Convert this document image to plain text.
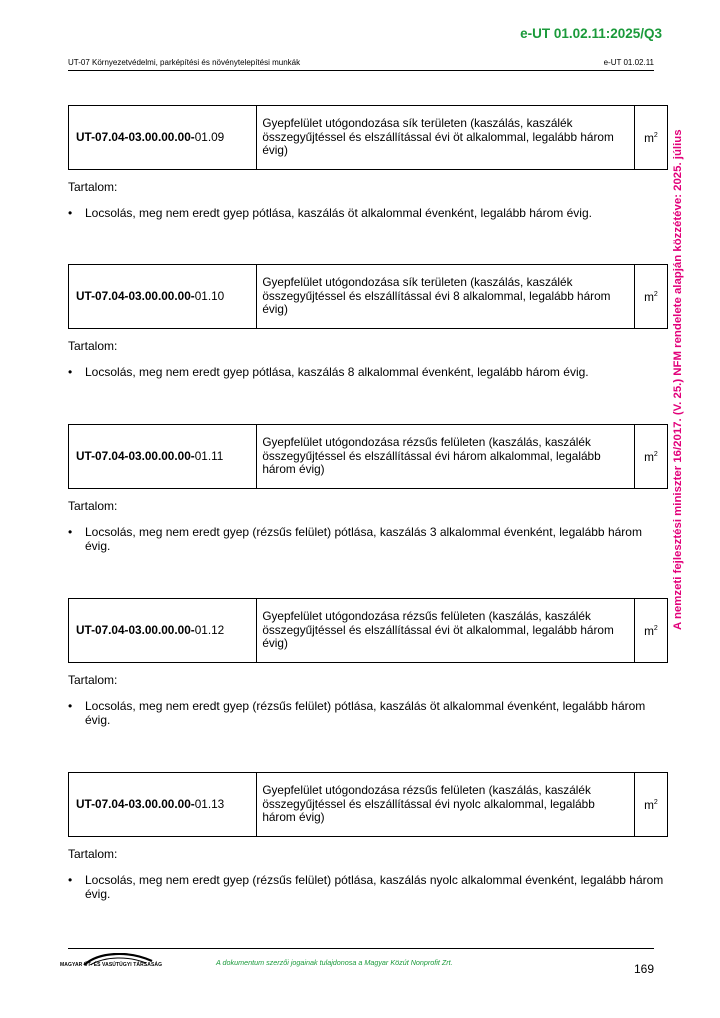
e-UT 01.02.11:2025/Q3
UT-07 Környezetvédelmi, parképítési és növénytelepítési munkák	e-UT 01.02.11
A nemzeti fejlesztési miniszter 16/2017. (V. 25.) NFM rendelete alapján közzétéve: 2025. július
UT-07.04-03.00.00.00-01.09	Gyepfelület utógondozása sík területen (kaszálás, kaszálék összegyűjtéssel és elszállítással évi öt alkalommal, legalább három évig)	$m^2$
Tartalom:
• Locsolás, meg nem eredt gyep pótlása, kaszálás öt alkalommal évenként, legalább három évig.
UT-07.04-03.00.00.00-01.10	Gyepfelület utógondozása sík területen (kaszálás, kaszálék összegyűjtéssel és elszállítással évi 8 alkalommal, legalább három évig)	$m^2$
Tartalom:
• Locsolás, meg nem eredt gyep pótlása, kaszálás 8 alkalommal évenként, legalább három évig.
UT-07.04-03.00.00.00-01.11	Gyepfelület utógondozása rézsűs felületen (kaszálás, kaszálék összegyűjtéssel és elszállítással évi három alkalommal, legalább három évig)	$m^2$
Tartalom:
• Locsolás, meg nem eredt gyep (rézsűs felület) pótlása, kaszálás 3 alkalommal évenként, legalább három évig.
UT-07.04-03.00.00.00-01.12	Gyepfelület utógondozása rézsűs felületen (kaszálás, kaszálék összegyűjtéssel és elszállítással évi öt alkalommal, legalább három évig)	$m^2$
Tartalom:
• Locsolás, meg nem eredt gyep (rézsűs felület) pótlása, kaszálás öt alkalommal évenként, legalább három évig.
UT-07.04-03.00.00.00-01.13	Gyepfelület utógondozása rézsűs felületen (kaszálás, kaszálék összegyűjtéssel és elszállítással évi nyolc alkalommal, legalább három évig)	$m^2$
Tartalom:
• Locsolás, meg nem eredt gyep (rézsűs felület) pótlása, kaszálás nyolc alkalommal évenként, legalább három évig.
MAGYAR ÚT- ÉS VASÚTÜGYI TÁRSASÁG	A dokumentum szerzői jogainak tulajdonosa a Magyar Közút Nonprofit Zrt.	169
